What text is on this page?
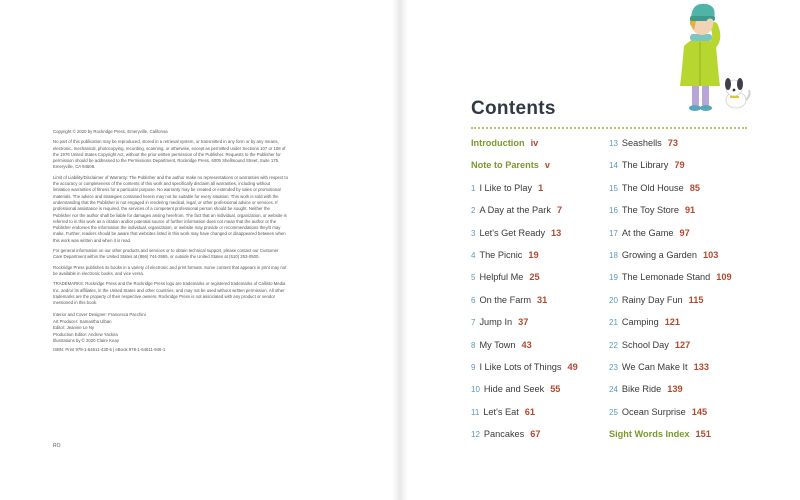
Copyright © 2020 by Rockridge Press, Emeryville, California

No part of this publication may be reproduced, stored in a retrieval system, or transmitted in any form or by any means, electronic, mechanical, photocopying, recording, scanning, or otherwise, except as permitted under Sections 107 or 108 of the 1976 United States Copyright Act, without the prior written permission of the Publisher. Requests to the Publisher for permission should be addressed to the Permissions Department, Rockridge Press, 6005 Shellmound Street, Suite 175, Emeryville, CA 94608.

Limit of Liability/Disclaimer of Warranty: The Publisher and the author make no representations or warranties with respect to the accuracy or completeness of the contents of this work and specifically disclaim all warranties, including without limitation warranties of fitness for a particular purpose. No warranty may be created or extended by sales or promotional materials. The advice and strategies contained herein may not be suitable for every situation. This work is sold with the understanding that the Publisher is not engaged in rendering medical, legal, or other professional advice or services. If professional assistance is required, the services of a competent professional person should be sought. Neither the Publisher nor the author shall be liable for damages arising herefrom. The fact that an individual, organization, or website is referred to in this work as a citation and/or potential source of further information does not mean that the author or the Publisher endorses the information the individual, organization, or website may provide or recommendations they/it may make. Further, readers should be aware that websites listed in this work may have changed or disappeared between when this work was written and when it is read.

For general information on our other products and services or to obtain technical support, please contact our Customer Care Department within the United States at (866) 744-2665, or outside the United States at (510) 253-0500.

Rockridge Press publishes its books in a variety of electronic and print formats. Some content that appears in print may not be available in electronic books, and vice versa.

TRADEMARKS: Rockridge Press and the Rockridge Press logo are trademarks or registered trademarks of Callisto Media Inc. and/or its affiliates, in the United States and other countries, and may not be used without written permission. All other trademarks are the property of their respective owners. Rockridge Press is not associated with any product or vendor mentioned in this book.

Interior and Cover Designer: Francesca Pacchini
Art Producer: Samantha Ulban
Editor: Jeanine Le Ny
Production Editor: Andrew Yackira
Illustrations by © 2020 Claire Keay
ISBN: Print 978-1-64611-430-5 | eBook 978-1-64611-946-1
RO
Contents
Introduction iv
Note to Parents v
1 I Like to Play 1
2 A Day at the Park 7
3 Let's Get Ready 13
4 The Picnic 19
5 Helpful Me 25
6 On the Farm 31
7 Jump In 37
8 My Town 43
9 I Like Lots of Things 49
10 Hide and Seek 55
11 Let's Eat 61
12 Pancakes 67
13 Seashells 73
14 The Library 79
15 The Old House 85
16 The Toy Store 91
17 At the Game 97
18 Growing a Garden 103
19 The Lemonade Stand 109
20 Rainy Day Fun 115
21 Camping 121
22 School Day 127
23 We Can Make It 133
24 Bike Ride 139
25 Ocean Surprise 145
Sight Words Index 151
